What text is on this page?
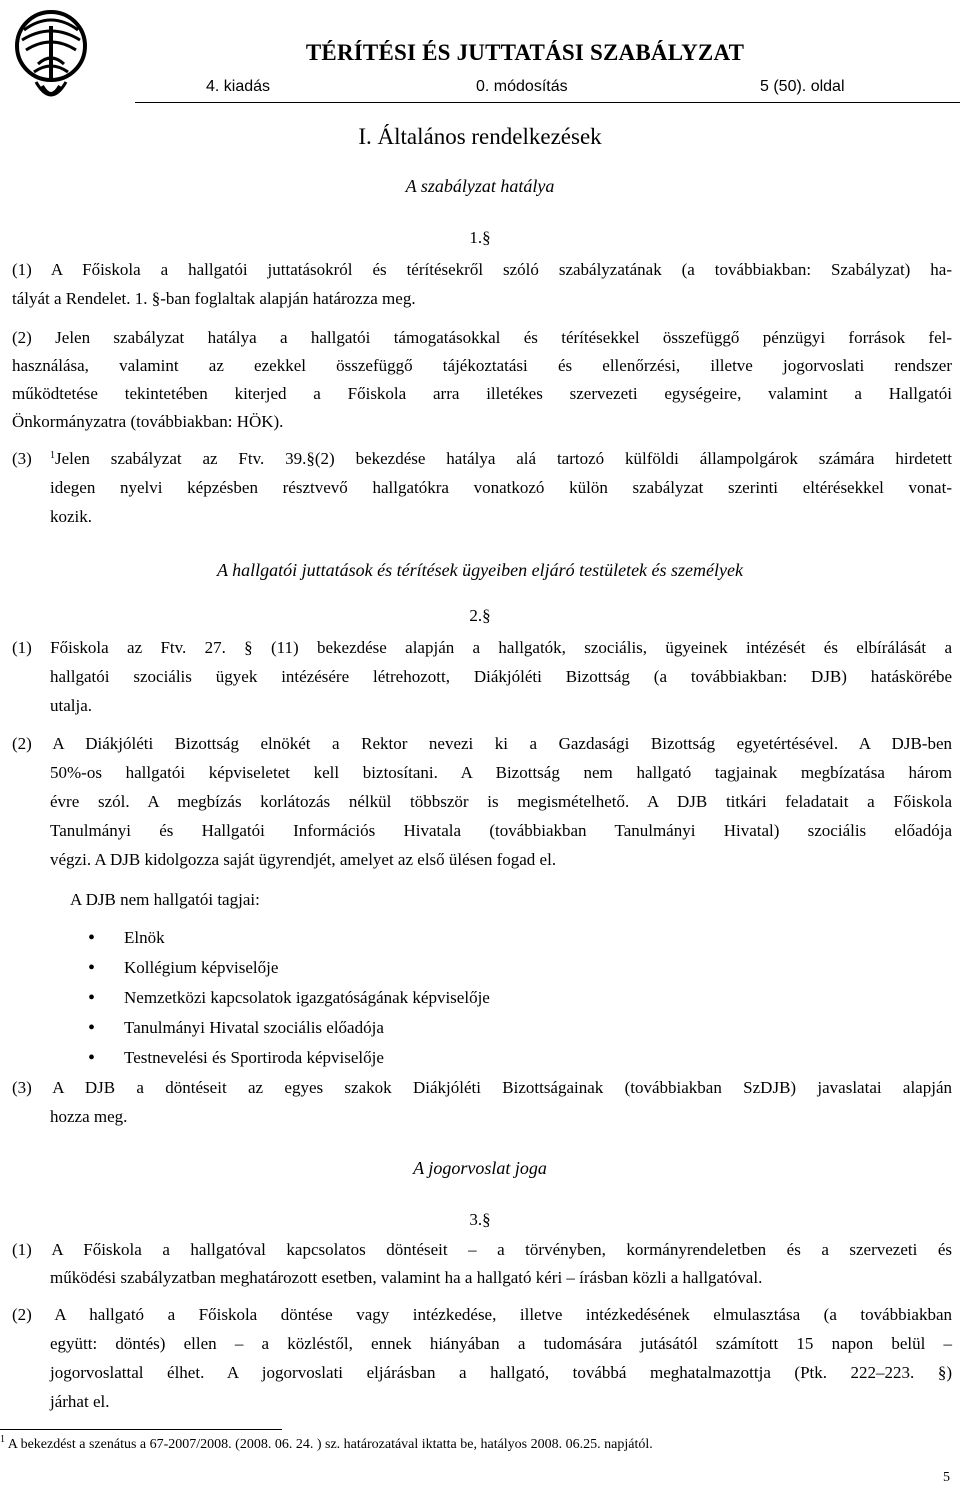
TÉRÍTÉSI ÉS JUTTATÁSI SZABÁLYZAT
4. kiadás	0. módosítás	5 (50). oldal
I. Általános rendelkezések
A szabályzat hatálya
1.§
(1) A Főiskola a hallgatói juttatásokról és térítésekről szóló szabályzatának (a továbbiakban: Szabályzat) ha-
tályát a Rendelet. 1. §-ban foglaltak alapján határozza meg.
(2) Jelen szabályzat hatálya a hallgatói támogatásokkal és térítésekkel összefüggő pénzügyi források fel-
használása, valamint az ezekkel összefüggő tájékoztatási és ellenőrzési, illetve jogorvoslati rendszer
működtetése tekintetében kiterjed a Főiskola arra illetékes szervezeti egységeire, valamint a Hallgatói
Önkormányzatra (továbbiakban: HÖK).
(3) $^1$Jelen szabályzat az Ftv. 39.§(2) bekezdése hatálya alá tartozó külföldi állampolgárok számára hirdetett
idegen nyelvi képzésben résztvevő hallgatókra vonatkozó külön szabályzat szerinti eltérésekkel vonat-
kozik.
A hallgatói juttatások és térítések ügyeiben eljáró testületek és személyek
2.§
(1) Főiskola az Ftv. 27. § (11) bekezdése alapján a hallgatók, szociális, ügyeinek intézését és elbírálását a
hallgatói szociális ügyek intézésére létrehozott, Diákjóléti Bizottság (a továbbiakban: DJB) hatáskörébe
utalja.
(2) A Diákjóléti Bizottság elnökét a Rektor nevezi ki a Gazdasági Bizottság egyetértésével. A DJB-ben
50%-os hallgatói képviseletet kell biztosítani. A Bizottság nem hallgató tagjainak megbízatása három
évre szól. A megbízás korlátozás nélkül többször is megismételhető. A DJB titkári feladatait a Főiskola
Tanulmányi és Hallgatói Információs Hivatala (továbbiakban Tanulmányi Hivatal) szociális előadója
végzi. A DJB kidolgozza saját ügyrendjét, amelyet az első ülésen fogad el.
A DJB nem hallgatói tagjai:
• Elnök
• Kollégium képviselője
• Nemzetközi kapcsolatok igazgatóságának képviselője
• Tanulmányi Hivatal szociális előadója
• Testnevelési és Sportiroda képviselője
(3) A DJB a döntéseit az egyes szakok Diákjóléti Bizottságainak (továbbiakban SzDJB) javaslatai alapján
hozza meg.
A jogorvoslat joga
3.§
(1) A Főiskola a hallgatóval kapcsolatos döntéseit – a törvényben, kormányrendeletben és a szervezeti és
működési szabályzatban meghatározott esetben, valamint ha a hallgató kéri – írásban közli a hallgatóval.
(2) A hallgató a Főiskola döntése vagy intézkedése, illetve intézkedésének elmulasztása (a továbbiakban
együtt: döntés) ellen – a közléstől, ennek hiányában a tudomására jutásától számított 15 napon belül –
jogorvoslattal élhet. A jogorvoslati eljárásban a hallgató, továbbá meghatalmazottja (Ptk. 222–223. §)
járhat el.
$^1$ A bekezdést a szenátus a 67-2007/2008. (2008. 06. 24. ) sz. határozatával iktatta be, hatályos 2008. 06.25. napjától.
5
